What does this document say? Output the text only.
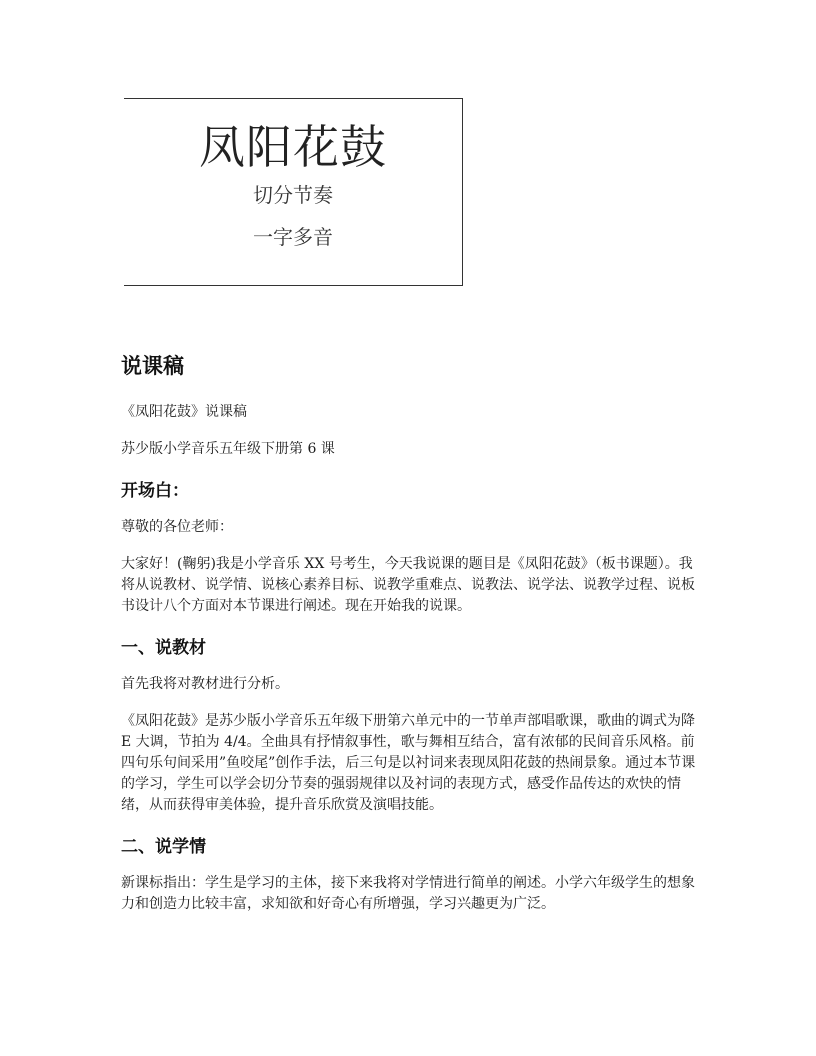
凤阳花鼓
切分节奏
一字多音
说课稿

《凤阳花鼓》说课稿

苏少版小学音乐五年级下册第 6 课

开场白：

尊敬的各位老师：

大家好！(鞠躬)我是小学音乐 XX 号考生，今天我说课的题目是《凤阳花鼓》（板书课题）。我将从说教材、说学情、说核心素养目标、说教学重难点、说教法、说学法、说教学过程、说板书设计八个方面对本节课进行阐述。现在开始我的说课。

一、说教材

首先我将对教材进行分析。

《凤阳花鼓》是苏少版小学音乐五年级下册第六单元中的一节单声部唱歌课，歌曲的调式为降 E 大调，节拍为 4/4。全曲具有抒情叙事性，歌与舞相互结合，富有浓郁的民间音乐风格。前四句乐句间采用”鱼咬尾”创作手法，后三句是以衬词来表现凤阳花鼓的热闹景象。通过本节课的学习，学生可以学会切分节奏的强弱规律以及衬词的表现方式，感受作品传达的欢快的情绪，从而获得审美体验，提升音乐欣赏及演唱技能。

二、说学情

新课标指出：学生是学习的主体，接下来我将对学情进行简单的阐述。小学六年级学生的想象力和创造力比较丰富，求知欲和好奇心有所增强，学习兴趣更为广泛。
